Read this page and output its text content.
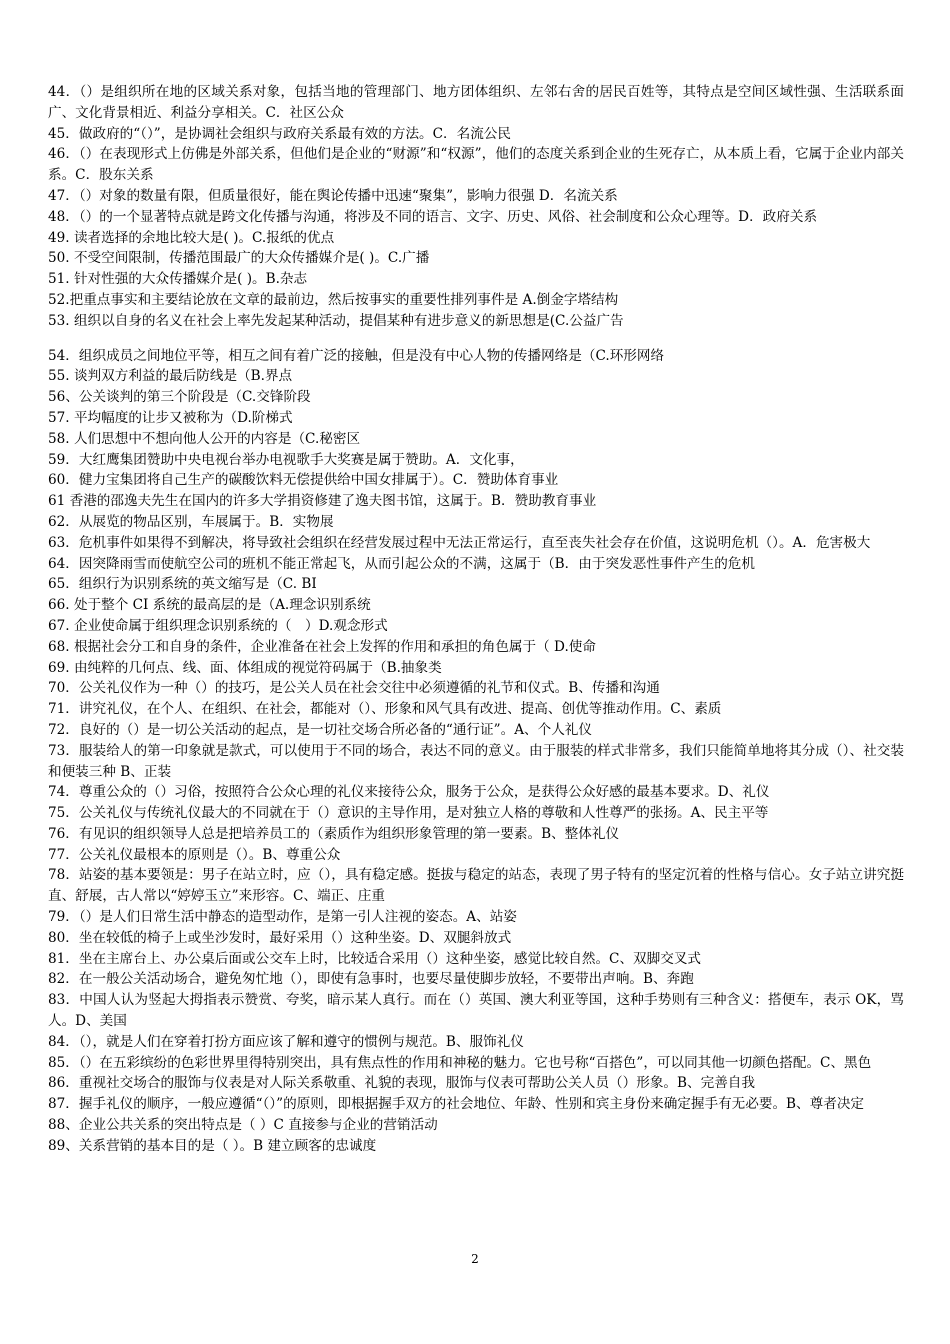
44．（）是组织所在地的区域关系对象，包括当地的管理部门、地方团体组织、左邻右舍的居民百姓等，其特点是空间区域性强、生活联系面广、文化背景相近、利益分享相关。C．社区公众

45．做政府的“（）”，是协调社会组织与政府关系最有效的方法。C．名流公民

46．（）在表现形式上仿佛是外部关系，但他们是企业的“财源”和“权源”，他们的态度关系到企业的生死存亡，从本质上看，它属于企业内部关系。C．股东关系

47．（）对象的数量有限，但质量很好，能在舆论传播中迅速“聚集”，影响力很强 D．名流关系

48．（）的一个显著特点就是跨文化传播与沟通，将涉及不同的语言、文字、历史、风俗、社会制度和公众心理等。D．政府关系

49. 读者选择的余地比较大是( )。C.报纸的优点

50. 不受空间限制，传播范围最广的大众传播媒介是( )。C.广播

51. 针对性强的大众传播媒介是( )。B.杂志

52.把重点事实和主要结论放在文章的最前边，然后按事实的重要性排列事件是 A.倒金字塔结构

53. 组织以自身的名义在社会上率先发起某种活动，提倡某种有进步意义的新思想是(C.公益广告

54．组织成员之间地位平等，相互之间有着广泛的接触，但是没有中心人物的传播网络是（C.环形网络

55. 谈判双方利益的最后防线是（B.界点

56、公关谈判的第三个阶段是（C.交锋阶段

57. 平均幅度的让步又被称为（D.阶梯式

58. 人们思想中不想向他人公开的内容是（C.秘密区

59．大红鹰集团赞助中央电视台举办电视歌手大奖赛是属于赞助。A．文化事，

60．健力宝集团将自己生产的碳酸饮料无偿提供给中国女排属于）。C．赞助体育事业

61 香港的邵逸夫先生在国内的许多大学捐资修建了逸夫图书馆，这属于。B．赞助教育事业

62．从展览的物品区别，车展属于。B．实物展

63．危机事件如果得不到解决，将导致社会组织在经营发展过程中无法正常运行，直至丧失社会存在价值，这说明危机（）。A．危害极大

64．因突降雨雪而使航空公司的班机不能正常起飞，从而引起公众的不满，这属于（B．由于突发恶性事件产生的危机

65．组织行为识别系统的英文缩写是（C. BI

66. 处于整个 CI 系统的最高层的是（A.理念识别系统

67. 企业使命属于组织理念识别系统的（　）D.观念形式

68. 根据社会分工和自身的条件，企业准备在社会上发挥的作用和承担的角色属于（ D.使命

69. 由纯粹的几何点、线、面、体组成的视觉符码属于（B.抽象类

70．公关礼仪作为一种（）的技巧，是公关人员在社会交往中必须遵循的礼节和仪式。B、传播和沟通

71．讲究礼仪，在个人、在组织、在社会，都能对（）、形象和风气具有改进、提高、创优等推动作用。C、素质

72．良好的（）是一切公关活动的起点，是一切社交场合所必备的“通行证”。A、个人礼仪

73．服装给人的第一印象就是款式，可以使用于不同的场合，表达不同的意义。由于服装的样式非常多，我们只能简单地将其分成（）、社交装和便装三种 B、正装

74．尊重公众的（）习俗，按照符合公众心理的礼仪来接待公众，服务于公众，是获得公众好感的最基本要求。D、礼仪

75．公关礼仪与传统礼仪最大的不同就在于（）意识的主导作用，是对独立人格的尊敬和人性尊严的张扬。A、民主平等

76．有见识的组织领导人总是把培养员工的（素质作为组织形象管理的第一要素。B、整体礼仪

77．公关礼仪最根本的原则是（）。B、尊重公众

78．站姿的基本要领是：男子在站立时，应（），具有稳定感。挺拔与稳定的站态，表现了男子特有的坚定沉着的性格与信心。女子站立讲究挺直、舒展，古人常以“婷婷玉立”来形容。C、端正、庄重

79．（）是人们日常生活中静态的造型动作，是第一引人注视的姿态。A、站姿

80．坐在较低的椅子上或坐沙发时，最好采用（）这种坐姿。D、双腿斜放式

81．坐在主席台上、办公桌后面或公交车上时，比较适合采用（）这种坐姿，感觉比较自然。C、双脚交叉式

82．在一般公关活动场合，避免匆忙地（），即使有急事时，也要尽量使脚步放轻，不要带出声响。B、奔跑

83．中国人认为竖起大拇指表示赞赏、夸奖，暗示某人真行。而在（）英国、澳大利亚等国，这种手势则有三种含义：搭便车，表示 OK，骂人。D、美国

84．（），就是人们在穿着打扮方面应该了解和遵守的惯例与规范。B、服饰礼仪

85．（）在五彩缤纷的色彩世界里得特别突出，具有焦点性的作用和神秘的魅力。它也号称“百搭色”，可以同其他一切颜色搭配。C、黑色

86．重视社交场合的服饰与仪表是对人际关系敬重、礼貌的表现，服饰与仪表可帮助公关人员（）形象。B、完善自我

87．握手礼仪的顺序，一般应遵循“（）”的原则，即根据握手双方的社会地位、年龄、性别和宾主身份来确定握手有无必要。B、尊者决定

88、企业公共关系的突出特点是（ ）C 直接参与企业的营销活动

89、关系营销的基本目的是（ ）。B 建立顾客的忠诚度

2
